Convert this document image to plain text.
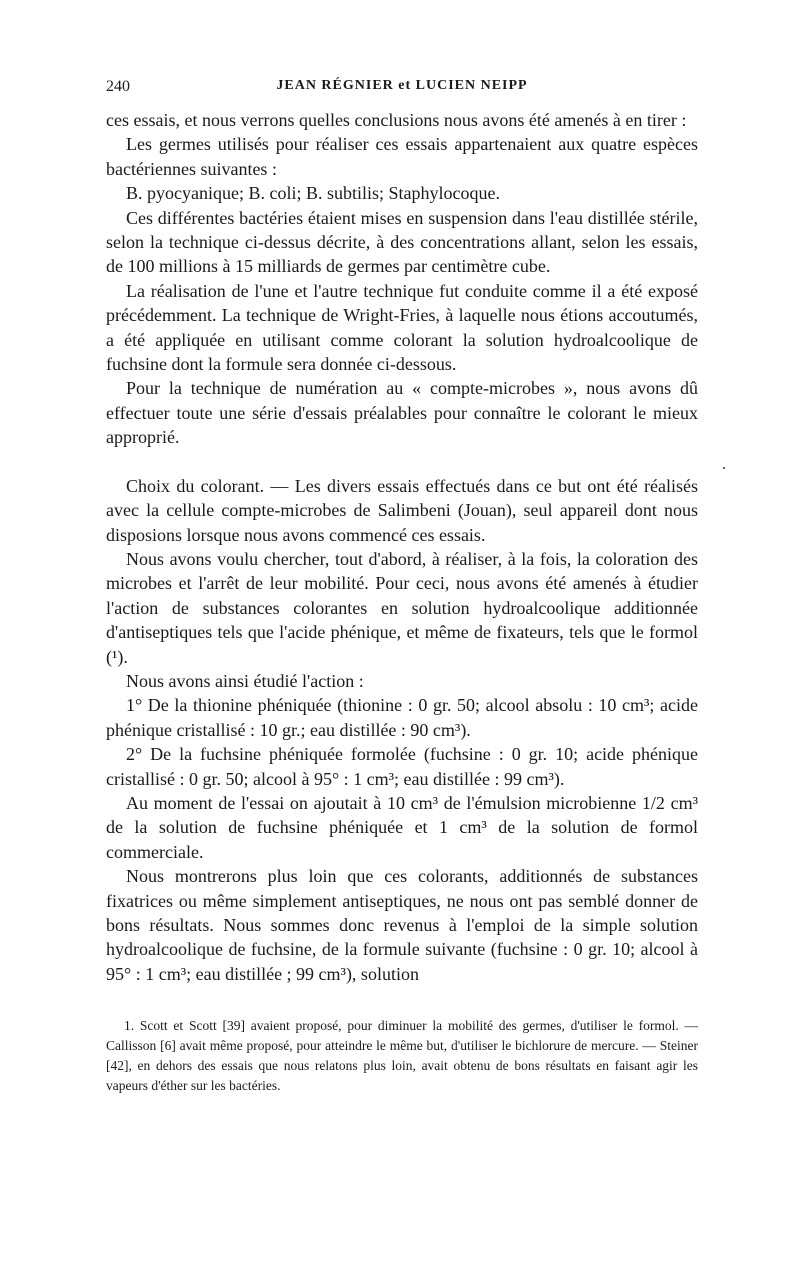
240	JEAN RÉGNIER et LUCIEN NEIPP

ces essais, et nous verrons quelles conclusions nous avons été amenés à en tirer :

Les germes utilisés pour réaliser ces essais appartenaient aux quatre espèces bactériennes suivantes :

B. pyocyanique; B. coli; B. subtilis; Staphylocoque.

Ces différentes bactéries étaient mises en suspension dans l'eau distillée stérile, selon la technique ci-dessus décrite, à des concentrations allant, selon les essais, de 100 millions à 15 milliards de germes par centimètre cube.

La réalisation de l'une et l'autre technique fut conduite comme il a été exposé précédemment. La technique de Wright-Fries, à laquelle nous étions accoutumés, a été appliquée en utilisant comme colorant la solution hydroalcoolique de fuchsine dont la formule sera donnée ci-dessous.

Pour la technique de numération au « compte-microbes », nous avons dû effectuer toute une série d'essais préalables pour connaître le colorant le mieux approprié.

Choix du colorant. — Les divers essais effectués dans ce but ont été réalisés avec la cellule compte-microbes de Salimbeni (Jouan), seul appareil dont nous disposions lorsque nous avons commencé ces essais.

Nous avons voulu chercher, tout d'abord, à réaliser, à la fois, la coloration des microbes et l'arrêt de leur mobilité. Pour ceci, nous avons été amenés à étudier l'action de substances colorantes en solution hydroalcoolique additionnée d'antiseptiques tels que l'acide phénique, et même de fixateurs, tels que le formol (¹).

Nous avons ainsi étudié l'action :

1° De la thionine phéniquée (thionine : 0 gr. 50; alcool absolu : 10 cm³; acide phénique cristallisé : 10 gr.; eau distillée : 90 cm³).

2° De la fuchsine phéniquée formolée (fuchsine : 0 gr. 10; acide phénique cristallisé : 0 gr. 50; alcool à 95° : 1 cm³; eau distillée : 99 cm³).

Au moment de l'essai on ajoutait à 10 cm³ de l'émulsion microbienne 1/2 cm³ de la solution de fuchsine phéniquée et 1 cm³ de la solution de formol commerciale.

Nous montrerons plus loin que ces colorants, additionnés de substances fixatrices ou même simplement antiseptiques, ne nous ont pas semblé donner de bons résultats. Nous sommes donc revenus à l'emploi de la simple solution hydroalcoolique de fuchsine, de la formule suivante (fuchsine : 0 gr. 10; alcool à 95° : 1 cm³; eau distillée ; 99 cm³), solution

1. Scott et Scott [39] avaient proposé, pour diminuer la mobilité des germes, d'utiliser le formol. — Callisson [6] avait même proposé, pour atteindre le même but, d'utiliser le bichlorure de mercure. — Steiner [42], en dehors des essais que nous relatons plus loin, avait obtenu de bons résultats en faisant agir les vapeurs d'éther sur les bactéries.

.
